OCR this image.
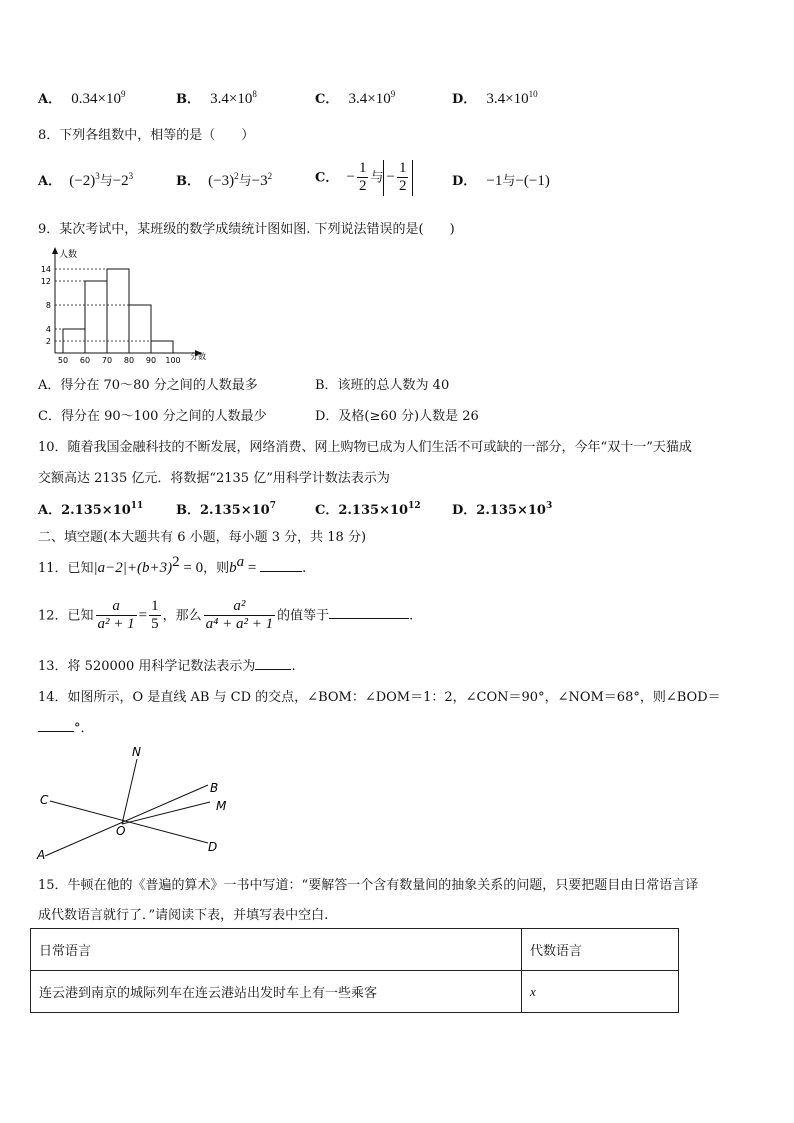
A． $0.34\times 10^9$	B． $3.4\times 10^8$	C． $3.4\times 10^9$	D． $3.4\times 10^{10}$
8．下列各组数中，相等的是（　　）
A． $(-2)^3$与$-2^3$	B． $(-3)^2$与$-3^2$	C． − $\frac{1}{2}$ 与 − $\frac{1}{2}$	D． −1与−(−1)
9．某次考试中，某班级的数学成绩统计图如图. 下列说法错误的是(　　)
人数
分数
2
4
8
12
14
50 60 70 80 90 100
A．得分在 70～80 分之间的人数最多	B．该班的总人数为 40
C．得分在 90～100 分之间的人数最少	D．及格(≥60 分)人数是 26
10．随着我国金融科技的不断发展，网络消费、网上购物已成为人们生活不可或缺的一部分，今年“双十一”天猫成
交额高达 2135 亿元．将数据“2135 亿”用科学计数法表示为
A．$2.135\times 10^{11}$	B．$2.135\times 10^7$	C．$2.135\times 10^{12}$ D．$2.135\times 10^3$
二、填空题(本大题共有 6 小题，每小题 3 分，共 18 分)
11．已知$|a-2|+(b+3)^2 = 0$，则$b^a$ =	.
12．已知 $\frac{a}{\text{a² + 1}} = \frac{1}{5}$ ，那么 $\frac{\text{a²}}{\text{a⁴ + a² + 1}}$ 的值等于	.
13．将 520000 用科学记数法表示为	.
14．如图所示，O 是直线 AB 与 CD 的交点，∠BOM：∠DOM＝1：2，∠CON＝90°，∠NOM＝68°，则∠BOD＝
°．
N
B
M
C
O
A
D
15．牛顿在他的《普遍的算术》一书中写道：“要解答一个含有数量间的抽象关系的问题，只要把题目由日常语言译
成代数语言就行了．”请阅读下表，并填写表中空白.
日常语言	代数语言
连云港到南京的城际列车在连云港站出发时车上有一些乘客	x
